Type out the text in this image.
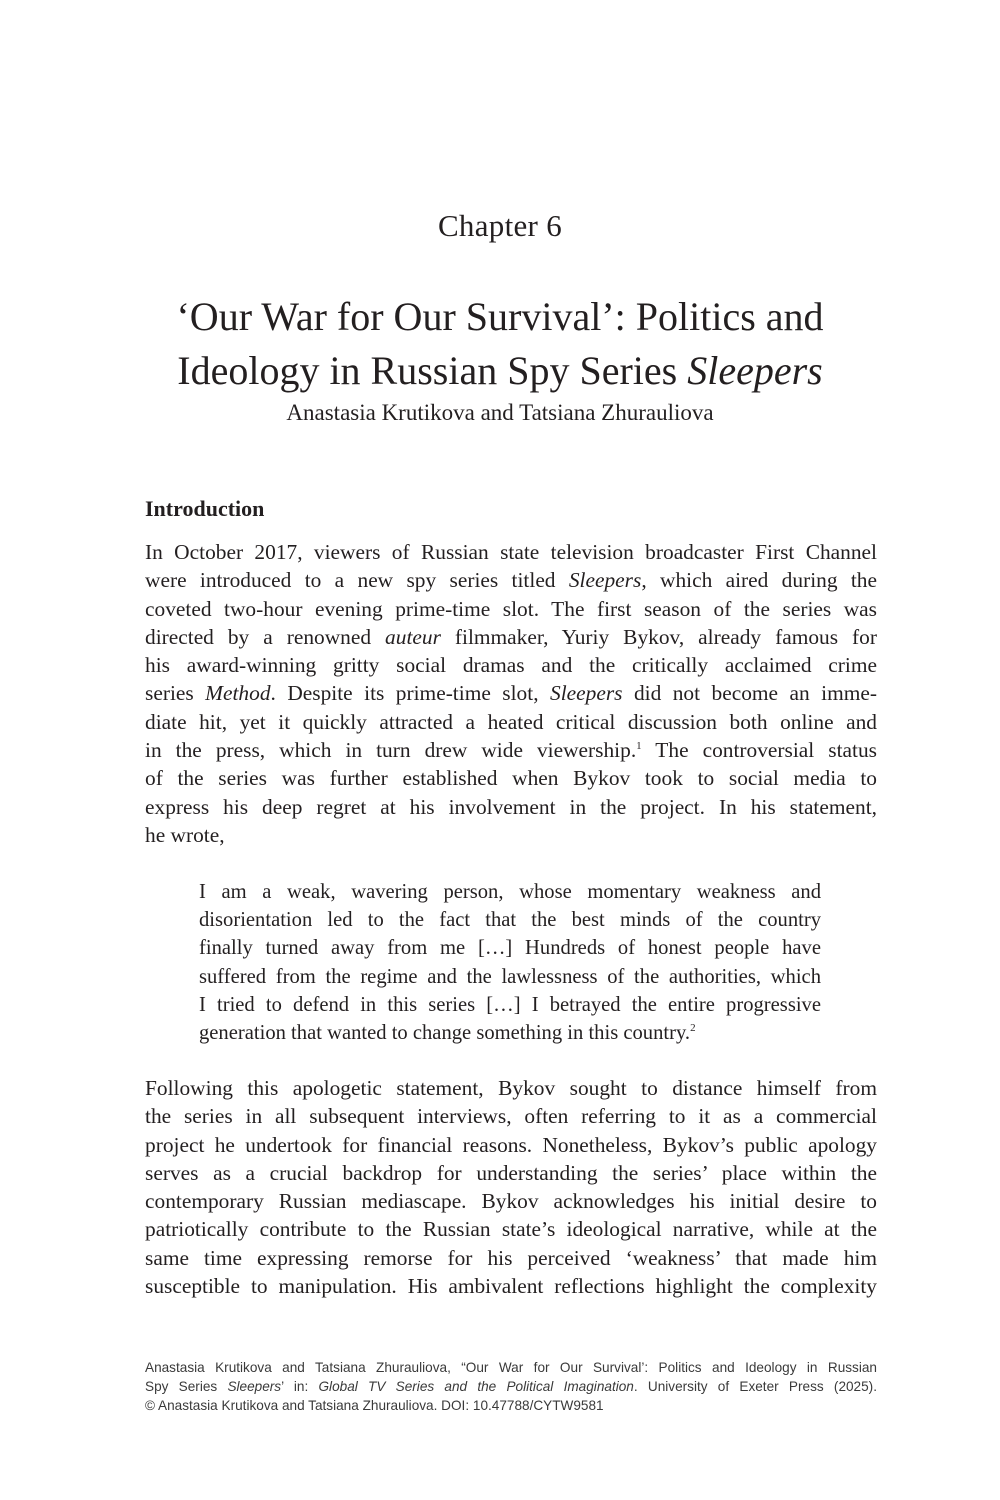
Chapter 6
‘Our War for Our Survival’: Politics and
Ideology in Russian Spy Series Sleepers
Anastasia Krutikova and Tatsiana Zhurauliova
Introduction
In October 2017, viewers of Russian state television broadcaster First Channel
were introduced to a new spy series titled Sleepers, which aired during the
coveted two-hour evening prime-time slot. The first season of the series was
directed by a renowned auteur filmmaker, Yuriy Bykov, already famous for
his award-winning gritty social dramas and the critically acclaimed crime
series Method. Despite its prime-time slot, Sleepers did not become an imme-
diate hit, yet it quickly attracted a heated critical discussion both online and
in the press, which in turn drew wide viewership.$^1$ The controversial status
of the series was further established when Bykov took to social media to
express his deep regret at his involvement in the project. In his statement,
he wrote,
I am a weak, wavering person, whose momentary weakness and
disorientation led to the fact that the best minds of the country
finally turned away from me […] Hundreds of honest people have
suffered from the regime and the lawlessness of the authorities, which
I tried to defend in this series […] I betrayed the entire progressive
generation that wanted to change something in this country.$^2$
Following this apologetic statement, Bykov sought to distance himself from
the series in all subsequent interviews, often referring to it as a commercial
project he undertook for financial reasons. Nonetheless, Bykov’s public apology
serves as a crucial backdrop for understanding the series’ place within the
contemporary Russian mediascape. Bykov acknowledges his initial desire to
patriotically contribute to the Russian state’s ideological narrative, while at the
same time expressing remorse for his perceived ‘weakness’ that made him
susceptible to manipulation. His ambivalent reflections highlight the complexity
Anastasia Krutikova and Tatsiana Zhurauliova, “Our War for Our Survival’: Politics and Ideology in Russian
Spy Series Sleepers’ in: Global TV Series and the Political Imagination. University of Exeter Press (2025).
© Anastasia Krutikova and Tatsiana Zhurauliova. DOI: 10.47788/CYTW9581
